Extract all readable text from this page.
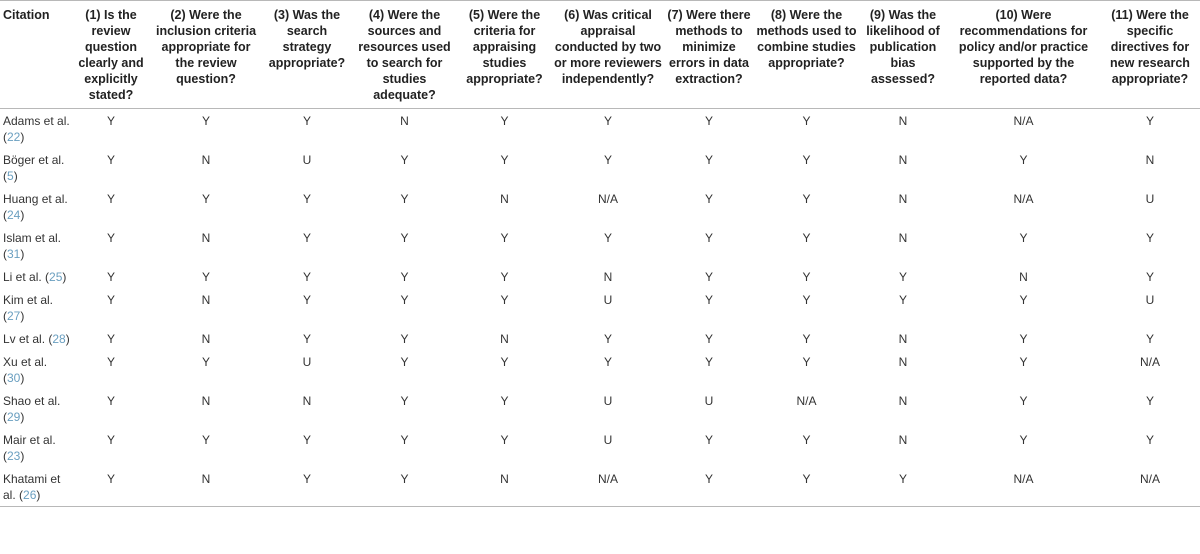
Citation	(1) Is the review question clearly and explicitly stated?	(2) Were the inclusion criteria appropriate for the review question?	(3) Was the search strategy appropriate?	(4) Were the sources and resources used to search for studies adequate?	(5) Were the criteria for appraising studies appropriate?	(6) Was critical appraisal conducted by two or more reviewers independently?	(7) Were there methods to minimize errors in data extraction?	(8) Were the methods used to combine studies appropriate?	(9) Was the likelihood of publication bias assessed?	(10) Were recommendations for policy and/or practice supported by the reported data?	(11) Were the specific directives for new research appropriate?
Adams et al. (22)	Y	Y	Y	N	Y	Y	Y	Y	N	N/A	Y
Böger et al. (5)	Y	N	U	Y	Y	Y	Y	Y	N	Y	N
Huang et al. (24)	Y	Y	Y	Y	N	N/A	Y	Y	N	N/A	U
Islam et al. (31)	Y	N	Y	Y	Y	Y	Y	Y	N	Y	Y
Li et al. (25)	Y	Y	Y	Y	Y	N	Y	Y	Y	N	Y
Kim et al. (27)	Y	N	Y	Y	Y	U	Y	Y	Y	Y	U
Lv et al. (28)	Y	N	Y	Y	N	Y	Y	Y	N	Y	Y
Xu et al. (30)	Y	Y	U	Y	Y	Y	Y	Y	N	Y	N/A
Shao et al. (29)	Y	N	N	Y	Y	U	U	N/A	N	Y	Y
Mair et al. (23)	Y	Y	Y	Y	Y	U	Y	Y	N	Y	Y
Khatami et al. (26)	Y	N	Y	Y	N	N/A	Y	Y	Y	N/A	N/A
